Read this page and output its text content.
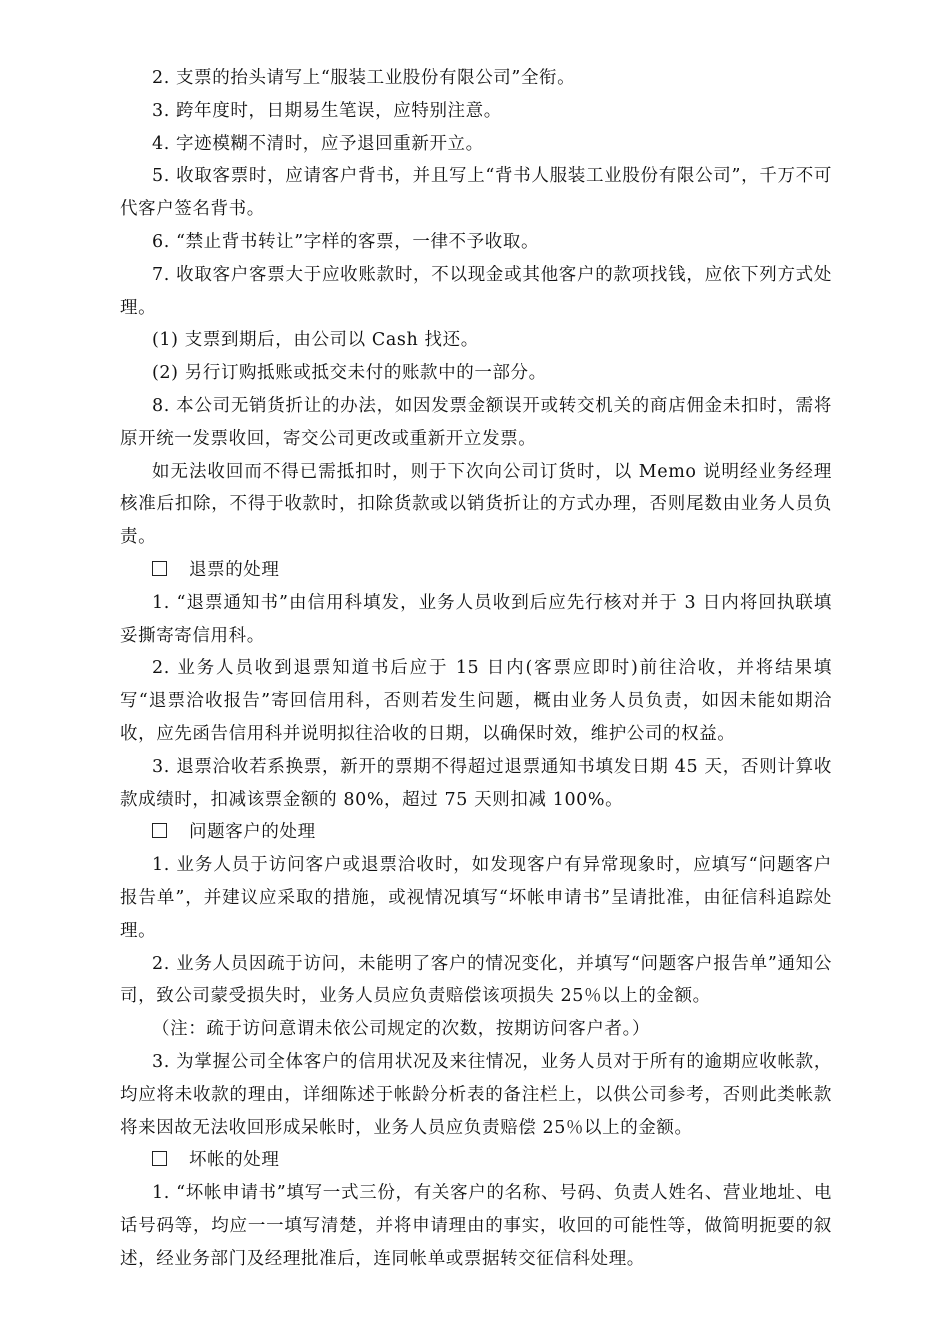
2. 支票的抬头请写上“服装工业股份有限公司”全衔。

3. 跨年度时，日期易生笔误，应特别注意。

4. 字迹模糊不清时，应予退回重新开立。

5. 收取客票时，应请客户背书，并且写上“背书人服装工业股份有限公司”，千万不可代客户签名背书。

6. “禁止背书转让”字样的客票，一律不予收取。

7. 收取客户客票大于应收账款时，不以现金或其他客户的款项找钱，应依下列方式处理。

(1) 支票到期后，由公司以 Cash 找还。

(2) 另行订购抵账或抵交未付的账款中的一部分。

8. 本公司无销货折让的办法，如因发票金额误开或转交机关的商店佣金未扣时，需将原开统一发票收回，寄交公司更改或重新开立发票。

如无法收回而不得已需抵扣时，则于下次向公司订货时，以 Memo 说明经业务经理核准后扣除，不得于收款时，扣除货款或以销货折让的方式办理，否则尾数由业务人员负责。

退票的处理

1. “退票通知书”由信用科填发，业务人员收到后应先行核对并于 3 日内将回执联填妥撕寄寄信用科。

2. 业务人员收到退票知道书后应于 15 日内(客票应即时)前往洽收，并将结果填写“退票洽收报告”寄回信用科，否则若发生问题，概由业务人员负责，如因未能如期洽收，应先函告信用科并说明拟往洽收的日期，以确保时效，维护公司的权益。

3. 退票洽收若系换票，新开的票期不得超过退票通知书填发日期 45 天，否则计算收款成绩时，扣减该票金额的 80%，超过 75 天则扣减 100%。

问题客户的处理

1. 业务人员于访问客户或退票洽收时，如发现客户有异常现象时，应填写“问题客户报告单”，并建议应采取的措施，或视情况填写“坏帐申请书”呈请批准，由征信科追踪处理。

2. 业务人员因疏于访问，未能明了客户的情况变化，并填写“问题客户报告单”通知公司，致公司蒙受损失时，业务人员应负责赔偿该项损失 25％以上的金额。

（注：疏于访问意谓未依公司规定的次数，按期访问客户者。）

3. 为掌握公司全体客户的信用状况及来往情况，业务人员对于所有的逾期应收帐款，均应将未收款的理由，详细陈述于帐龄分析表的备注栏上，以供公司参考，否则此类帐款将来因故无法收回形成呆帐时，业务人员应负责赔偿 25％以上的金额。

坏帐的处理

1. “坏帐申请书”填写一式三份，有关客户的名称、号码、负责人姓名、营业地址、电话号码等，均应一一填写清楚，并将申请理由的事实，收回的可能性等，做简明扼要的叙述，经业务部门及经理批准后，连同帐单或票据转交征信科处理。
